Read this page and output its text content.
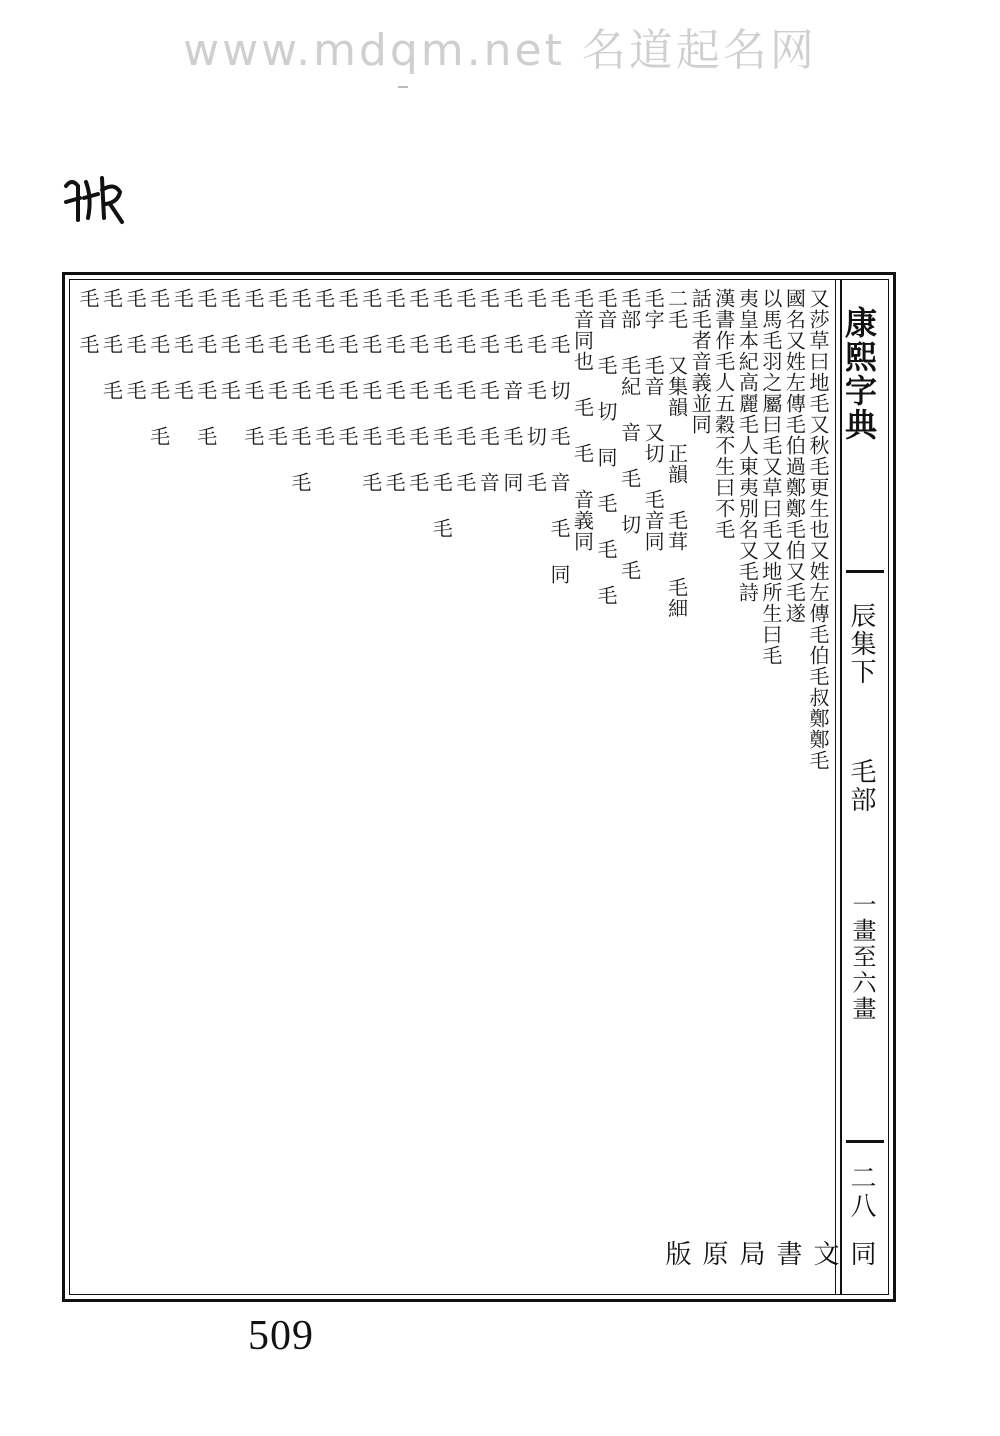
www.mdqm.net 名道起名网
康熙字典
辰集下
毛部
一畫至六畫
二八
同文書局原版
又莎草曰地毛又秋毛更生也又姓左傳毛伯毛叔鄭鄭毛
國名又姓左傳毛伯過鄭鄭毛伯又毛遂
以馬毛羽之屬曰毛又草曰毛又地所生曰毛
夷皇本紀高麗毛人東夷別名又毛詩
漢書作毛人五穀不生曰不毛
話毛者音義並同
二毛 又集韻 正韻 毛茸 毛細
毛字 毛音 又切 毛音同
毛部 毛紀 音 毛 切 毛
毛音 毛 切 同 毛 毛 毛
毛音同也 毛 毛 音義同
毛 毛 切 毛 音 毛 同
毛 毛 毛 切 毛
毛 毛 音 毛 同
毛 毛 毛 毛 音
毛 毛 毛 毛 毛
毛 毛 毛 毛 毛 毛
毛 毛 毛 毛 毛
毛 毛 毛 毛 毛
毛 毛 毛 毛 毛
毛 毛 毛 毛
毛 毛 毛 毛
毛 毛 毛 毛 毛
毛 毛 毛 毛
毛 毛 毛 毛
毛 毛 毛
毛 毛 毛 毛
毛 毛 毛
毛 毛 毛 毛
毛 毛 毛
毛 毛 毛
毛 毛
509
